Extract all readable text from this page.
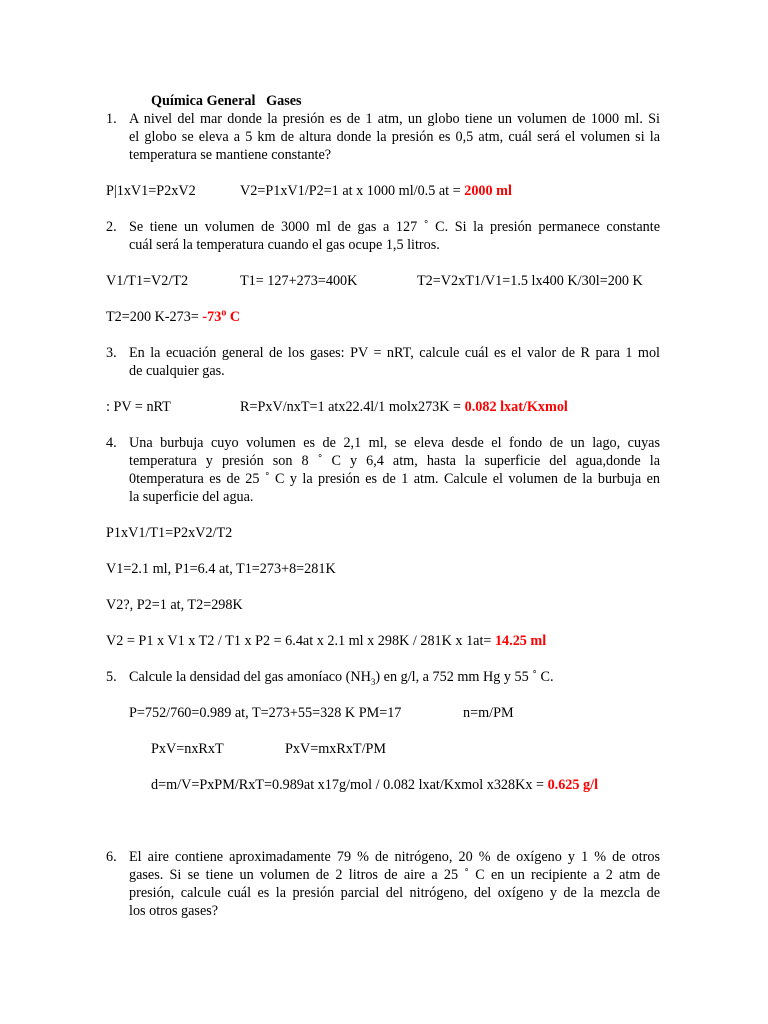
Química General Gases
1. A nivel del mar donde la presión es de 1 atm, un globo tiene un volumen de 1000 ml. Si
el globo se eleva a 5 km de altura donde la presión es 0,5 atm, cuál será el volumen si la
temperatura se mantiene constante?
P|1xV1=P2xV2	V2=P1xV1/P2=1 at x 1000 ml/0.5 at = 2000 ml
2. Se tiene un volumen de 3000 ml de gas a 127 ˚ C. Si la presión permanece constante
cuál será la temperatura cuando el gas ocupe 1,5 litros.
V1/T1=V2/T2	T1= 127+273=400K	T2=V2xT1/V1=1.5 lx400 K/30l=200 K
T2=200 $K-273= -73^o$ C
3. En la ecuación general de los gases: PV = nRT, calcule cuál es el valor de R para 1 mol
de cualquier gas.
: PV = nRT	R=PxV/nxT=1 atx22.4l/1 molx273K = 0.082 lxat/Kxmol
4. Una burbuja cuyo volumen es de 2,1 ml, se eleva desde el fondo de un lago, cuyas
temperatura y presión son 8 ˚ C y 6,4 atm, hasta la superficie del agua,donde la
0temperatura es de 25 ˚ C y la presión es de 1 atm. Calcule el volumen de la burbuja en
la superficie del agua.
P1xV1/T1=P2xV2/T2
V1=2.1 ml, P1=6.4 at, T1=273+8=281K
V2?, P2=1 at, T2=298K
V2 = P1 x V1 x T2 / T1 x P2 = 6.4at x 2.1 ml x 298K / 281K x 1at= 14.25 ml
5. Calcule la densidad del gas amoníaco $(NH_3)$ en g/l, a 752 mm Hg y 55 ˚ C.
P=752/760=0.989 at, T=273+55=328 K PM=17	n=m/PM
PxV=nxRxT	PxV=mxRxT/PM
d=m/V=PxPM/RxT=0.989at x17g/mol / 0.082 lxat/Kxmol x328Kx = 0.625 g/l
6. El aire contiene aproximadamente 79 % de nitrógeno, 20 % de oxígeno y 1 % de otros
gases. Si se tiene un volumen de 2 litros de aire a 25 ˚ C en un recipiente a 2 atm de
presión, calcule cuál es la presión parcial del nitrógeno, del oxígeno y de la mezcla de
los otros gases?
